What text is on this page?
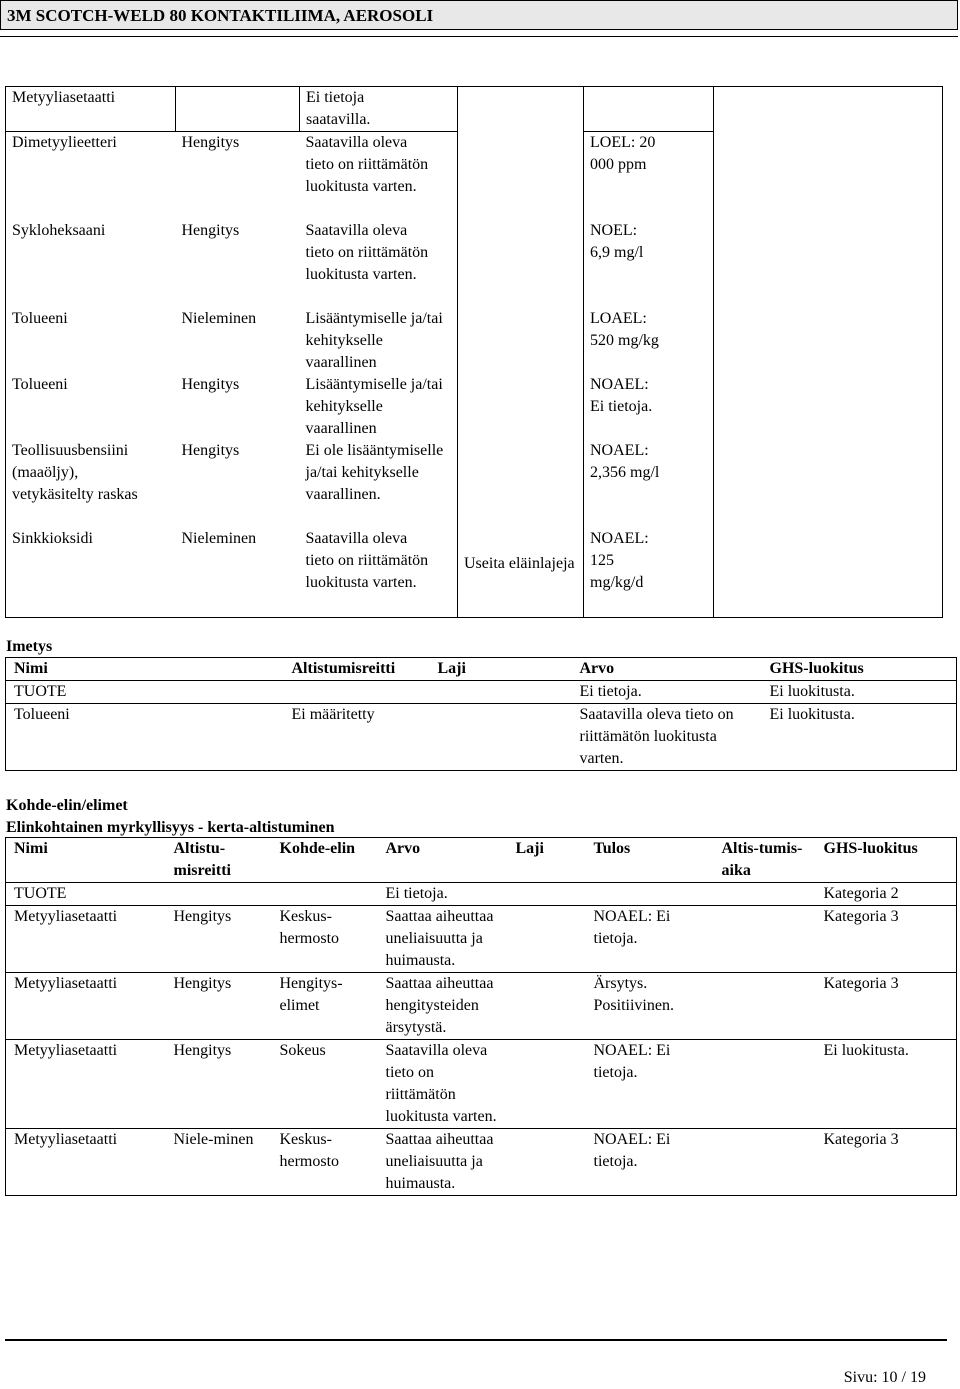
3M SCOTCH-WELD 80 KONTAKTILIIMA, AEROSOLI
Metyyliasetaatti		Ei tietoja saatavilla.	Useita eläinlajeja		
Dimetyylieetteri	Hengitys	Saatavilla oleva tieto on riittämätön luokitusta varten.		LOEL: 20 000 ppm	
Sykloheksaani	Hengitys	Saatavilla oleva tieto on riittämätön luokitusta varten.		NOEL: 6,9 mg/l	
Tolueeni	Nieleminen	Lisääntymiselle ja/tai kehitykselle vaarallinen		LOAEL: 520 mg/kg	
Tolueeni	Hengitys	Lisääntymiselle ja/tai kehitykselle vaarallinen		NOAEL: Ei tietoja.	
Teollisuusbensiini (maaöljy), vetykäsitelty raskas	Hengitys	Ei ole lisääntymiselle ja/tai kehitykselle vaarallinen.		NOAEL: 2,356 mg/l	
Sinkkioksidi	Nieleminen	Saatavilla oleva tieto on riittämätön luokitusta varten.		NOAEL: 125 mg/kg/d	
Imetys
Nimi	Altistumisreitti	Laji	Arvo	GHS-luokitus
TUOTE			Ei tietoja.	Ei luokitusta.
Tolueeni	Ei määritetty		Saatavilla oleva tieto on riittämätön luokitusta varten.	Ei luokitusta.
Kohde-elin/elimet
Elinkohtainen myrkyllisyys - kerta-altistuminen
Nimi	Altistu-misreitti	Kohde-elin	Arvo	Laji	Tulos	Altis-tumis-aika	GHS-luokitus
TUOTE			Ei tietoja.				Kategoria 2
Metyyliasetaatti	Hengitys	Keskus-hermosto	Saattaa aiheuttaa uneliaisuutta ja huimausta.		NOAEL: Ei tietoja.		Kategoria 3
Metyyliasetaatti	Hengitys	Hengitys-elimet	Saattaa aiheuttaa hengitysteiden ärsytystä.		Ärsytys. Positiivinen.		Kategoria 3
Metyyliasetaatti	Hengitys	Sokeus	Saatavilla oleva tieto on riittämätön luokitusta varten.		NOAEL: Ei tietoja.		Ei luokitusta.
Metyyliasetaatti	Niele-minen	Keskus-hermosto	Saattaa aiheuttaa uneliaisuutta ja huimausta.		NOAEL: Ei tietoja.		Kategoria 3
Sivu: 10 / 19
